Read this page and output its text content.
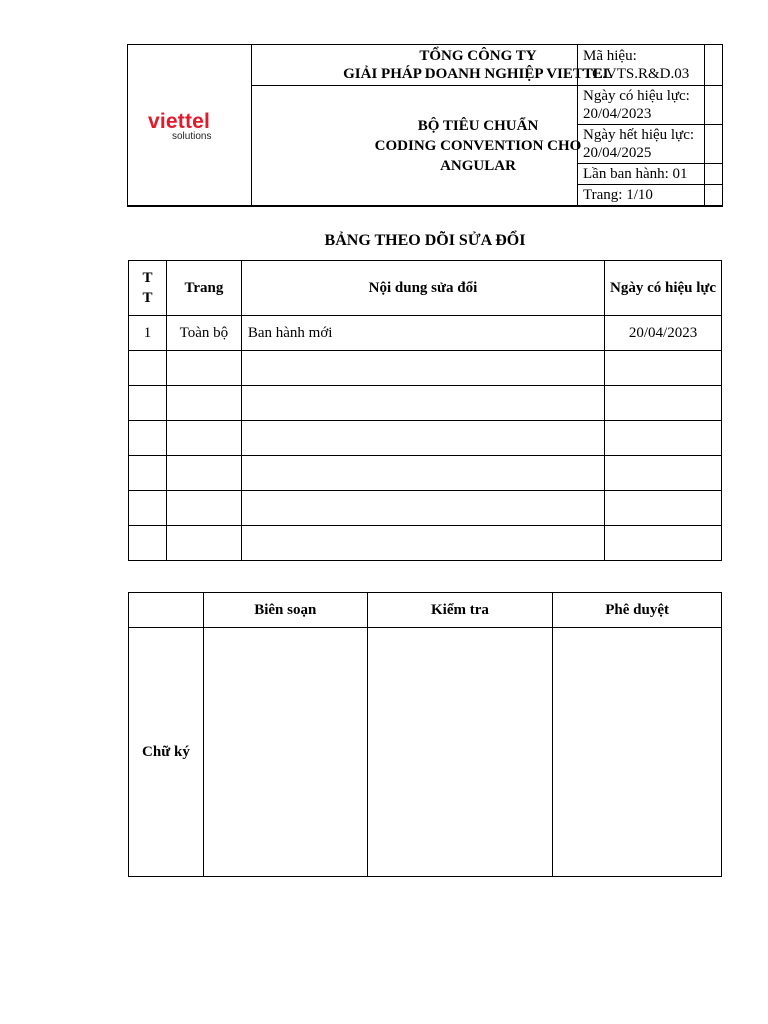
viettel
solutions
TỔNG CÔNG TY
GIẢI PHÁP DOANH NGHIỆP VIETTEL
BỘ TIÊU CHUẨN
CODING CONVENTION CHO
ANGULAR
Mã hiệu:
TC.VTS.R&D.03
Ngày có hiệu lực:
20/04/2023
Ngày hết hiệu lực:
20/04/2025
Lần ban hành: 01
Trang: 1/10
BẢNG THEO DÕI SỬA ĐỔI
T
T	Trang	Nội dung sửa đổi	Ngày có hiệu lực
1	Toàn bộ	Ban hành mới	20/04/2023

	Biên soạn	Kiểm tra	Phê duyệt
Chữ ký			
